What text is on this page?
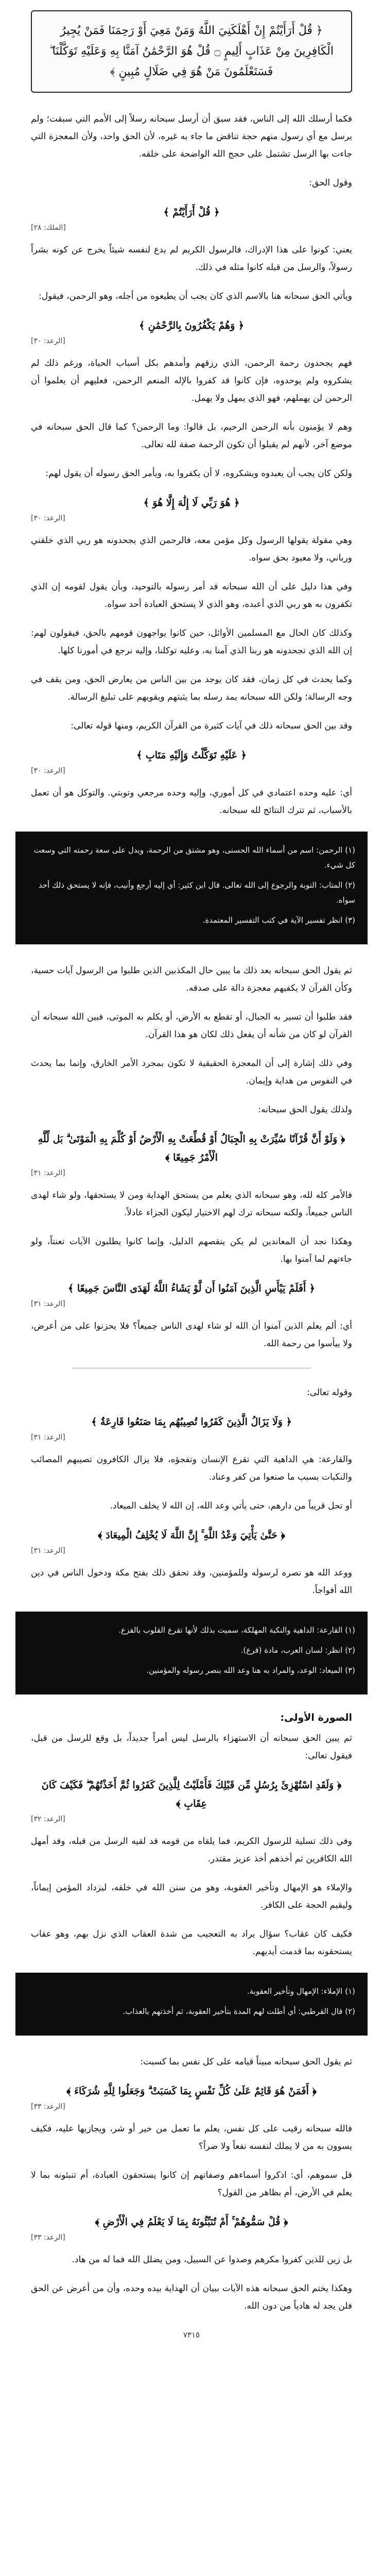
﴿ قُلْ أَرَأَيْتُمْ إِنْ أَهْلَكَنِيَ اللَّهُ وَمَنْ مَعِيَ أَوْ رَحِمَنَا فَمَنْ يُجِيرُ الْكَافِرِينَ مِنْ عَذَابٍ أَلِيمٍ ۝ قُلْ هُوَ الرَّحْمَٰنُ آمَنَّا بِهِ وَعَلَيْهِ تَوَكَّلْنَا ۖ فَسَتَعْلَمُونَ مَنْ هُوَ فِي ضَلَالٍ مُبِينٍ ﴾

فكما أرسلك الله إلى الناس، فقد سبق أن أرسل سبحانه رسلاً إلى الأمم التي سبقت؛ ولم يرسل مع أي رسول منهم حجة تناقض ما جاء به غيره، لأن الحق واحد، ولأن المعجزة التي جاءت بها الرسل تشتمل على حجج الله الواضحة على خلقه.

وقول الحق:

﴿ قُلْ أَرَأَيْتُمْ ﴾
[الملك: ٢٨]

يعني: كونوا على هذا الإدراك، فالرسول الكريم لم يدع لنفسه شيئاً يخرج عن كونه بشراً رسولاً، والرسل من قبله كانوا مثله في ذلك.

ويأتي الحق سبحانه هنا بالاسم الذي كان يجب أن يطيعوه من أجله، وهو الرحمن، فيقول:

﴿ وَهُمْ يَكْفُرُونَ بِالرَّحْمَٰنِ ﴾
[الرعد: ٣٠]

فهم يجحدون رحمة الرحمن، الذي رزقهم وأمدهم بكل أسباب الحياة، ورغم ذلك لم يشكروه ولم يوحدوه، فإن كانوا قد كفروا بالإله المنعم الرحمن، فعليهم أن يعلموا أن الرحمن لن يهملهم، فهو الذي يمهل ولا يهمل.

وهم لا يؤمنون بأنه الرحمن الرحيم، بل قالوا: وما الرحمن؟ كما قال الحق سبحانه في موضع آخر، لأنهم لم يقبلوا أن تكون الرحمة صفة لله تعالى.

ولكن كان يجب أن يعبدوه ويشكروه، لا أن يكفروا به، ويأمر الحق رسوله أن يقول لهم:

﴿ هُوَ رَبِّي لَا إِلَٰهَ إِلَّا هُوَ ﴾
[الرعد: ٣٠]

وهي مقولة يقولها الرسول وكل مؤمن معه، فالرحمن الذي يجحدونه هو ربي الذي خلقني ورباني، ولا معبود بحق سواه.

وفي هذا دليل على أن الله سبحانه قد أمر رسوله بالتوحيد، وبأن يقول لقومه إن الذي تكفرون به هو ربي الذي أعبده، وهو الذي لا يستحق العبادة أحد سواه.

وكذلك كان الحال مع المسلمين الأوائل، حين كانوا يواجهون قومهم بالحق، فيقولون لهم: إن الله الذي تجحدونه هو ربنا الذي آمنا به، وعليه توكلنا، وإليه نرجع في أمورنا كلها.

وكما يحدث في كل زمان، فقد كان يوجد من بين الناس من يعارض الحق، ومن يقف في وجه الرسالة؛ ولكن الله سبحانه يمد رسله بما يثبتهم ويقويهم على تبليغ الرسالة.

وقد بين الحق سبحانه ذلك في آيات كثيرة من القرآن الكريم، ومنها قوله تعالى:

﴿ عَلَيْهِ تَوَكَّلْتُ وَإِلَيْهِ مَتَابِ ﴾
[الرعد: ٣٠]

أي: عليه وحده اعتمادي في كل أموري، وإليه وحده مرجعي وتوبتي. والتوكل هو أن تعمل بالأسباب، ثم تترك النتائج لله سبحانه.

(١) الرحمن: اسم من أسماء الله الحسنى، وهو مشتق من الرحمة، ويدل على سعة رحمته التي وسعت كل شيء.

(٢) المتاب: التوبة والرجوع إلى الله تعالى. قال ابن كثير: أي إليه أرجع وأنيب، فإنه لا يستحق ذلك أحد سواه.

(٣) انظر تفسير الآية في كتب التفسير المعتمدة.

ثم يقول الحق سبحانه بعد ذلك ما يبين حال المكذبين الذين طلبوا من الرسول آيات حسية، وكأن القرآن لا يكفيهم معجزة دالة على صدقه.

فقد طلبوا أن تسير به الجبال، أو تقطع به الأرض، أو يكلم به الموتى، فبين الله سبحانه أن القرآن لو كان من شأنه أن يفعل ذلك لكان هو هذا القرآن.

وفي ذلك إشارة إلى أن المعجزة الحقيقية لا تكون بمجرد الأمر الخارق، وإنما بما يحدث في النفوس من هداية وإيمان.

ولذلك يقول الحق سبحانه:

﴿ وَلَوْ أَنَّ قُرْآنًا سُيِّرَتْ بِهِ الْجِبَالُ أَوْ قُطِّعَتْ بِهِ الْأَرْضُ أَوْ كُلِّمَ بِهِ الْمَوْتَىٰ ۗ بَل لِّلَّهِ الْأَمْرُ جَمِيعًا ﴾
[الرعد: ٣١]

فالأمر كله لله، وهو سبحانه الذي يعلم من يستحق الهداية ومن لا يستحقها، ولو شاء لهدى الناس جميعاً، ولكنه سبحانه ترك لهم الاختيار ليكون الجزاء عادلاً.

وهكذا نجد أن المعاندين لم يكن ينقصهم الدليل، وإنما كانوا يطلبون الآيات تعنتاً، ولو جاءتهم لما آمنوا بها.

﴿ أَفَلَمْ يَيْأَسِ الَّذِينَ آمَنُوا أَن لَّوْ يَشَاءُ اللَّهُ لَهَدَى النَّاسَ جَمِيعًا ﴾
[الرعد: ٣١]

أي: ألم يعلم الذين آمنوا أن الله لو شاء لهدى الناس جميعاً؟ فلا يحزنوا على من أعرض، ولا ييأسوا من رحمة الله.

وقوله تعالى:

﴿ وَلَا يَزَالُ الَّذِينَ كَفَرُوا تُصِيبُهُم بِمَا صَنَعُوا قَارِعَةٌ ﴾
[الرعد: ٣١]

والقارعة: هي الداهية التي تقرع الإنسان وتفجؤه، فلا يزال الكافرون تصيبهم المصائب والنكبات بسبب ما صنعوا من كفر وعناد.

أو تحل قريباً من دارهم، حتى يأتي وعد الله، إن الله لا يخلف الميعاد.

﴿ حَتَّىٰ يَأْتِيَ وَعْدُ اللَّهِ ۚ إِنَّ اللَّهَ لَا يُخْلِفُ الْمِيعَادَ ﴾
[الرعد: ٣١]

ووعد الله هو نصره لرسوله وللمؤمنين، وقد تحقق ذلك بفتح مكة ودخول الناس في دين الله أفواجاً.

(١) القارعة: الداهية والنكبة المهلكة، سميت بذلك لأنها تقرع القلوب بالفزع.

(٢) انظر: لسان العرب، مادة (قرع).

(٣) الميعاد: الوعد، والمراد به هنا وعد الله بنصر رسوله والمؤمنين.

الصورة الأولى:

ثم يبين الحق سبحانه أن الاستهزاء بالرسل ليس أمراً جديداً، بل وقع للرسل من قبل، فيقول تعالى:

﴿ وَلَقَدِ اسْتُهْزِئَ بِرُسُلٍ مِّن قَبْلِكَ فَأَمْلَيْتُ لِلَّذِينَ كَفَرُوا ثُمَّ أَخَذْتُهُمْ ۖ فَكَيْفَ كَانَ عِقَابِ ﴾
[الرعد: ٣٢]

وفي ذلك تسلية للرسول الكريم، فما يلقاه من قومه قد لقيه الرسل من قبله، وقد أمهل الله الكافرين ثم أخذهم أخذ عزيز مقتدر.

والإملاء هو الإمهال وتأخير العقوبة، وهو من سنن الله في خلقه، ليزداد المؤمن إيماناً، وليقيم الحجة على الكافر.

فكيف كان عقاب؟ سؤال يراد به التعجيب من شدة العقاب الذي نزل بهم، وهو عقاب يستحقونه بما قدمت أيديهم.

(١) الإملاء: الإمهال وتأخير العقوبة.

(٢) قال القرطبي: أي أطلت لهم المدة بتأخير العقوبة، ثم أخذتهم بالعذاب.

ثم يقول الحق سبحانه مبيناً قيامه على كل نفس بما كسبت:

﴿ أَفَمَنْ هُوَ قَائِمٌ عَلَىٰ كُلِّ نَفْسٍ بِمَا كَسَبَتْ ۗ وَجَعَلُوا لِلَّهِ شُرَكَاءَ ﴾
[الرعد: ٣٣]

فالله سبحانه رقيب على كل نفس، يعلم ما تعمل من خير أو شر، ويجازيها عليه، فكيف يسوون به من لا يملك لنفسه نفعاً ولا ضراً؟

قل سموهم، أي: اذكروا أسماءهم وصفاتهم إن كانوا يستحقون العبادة، أم تنبئونه بما لا يعلم في الأرض، أم بظاهر من القول؟

﴿ قُلْ سَمُّوهُمْ ۚ أَمْ تُنَبِّئُونَهُ بِمَا لَا يَعْلَمُ فِي الْأَرْضِ ﴾
[الرعد: ٣٣]

بل زين للذين كفروا مكرهم وصدوا عن السبيل، ومن يضلل الله فما له من هاد.

وهكذا يختم الحق سبحانه هذه الآيات ببيان أن الهداية بيده وحده، وأن من أعرض عن الحق فلن يجد له هادياً من دون الله.

٧٣١٥
